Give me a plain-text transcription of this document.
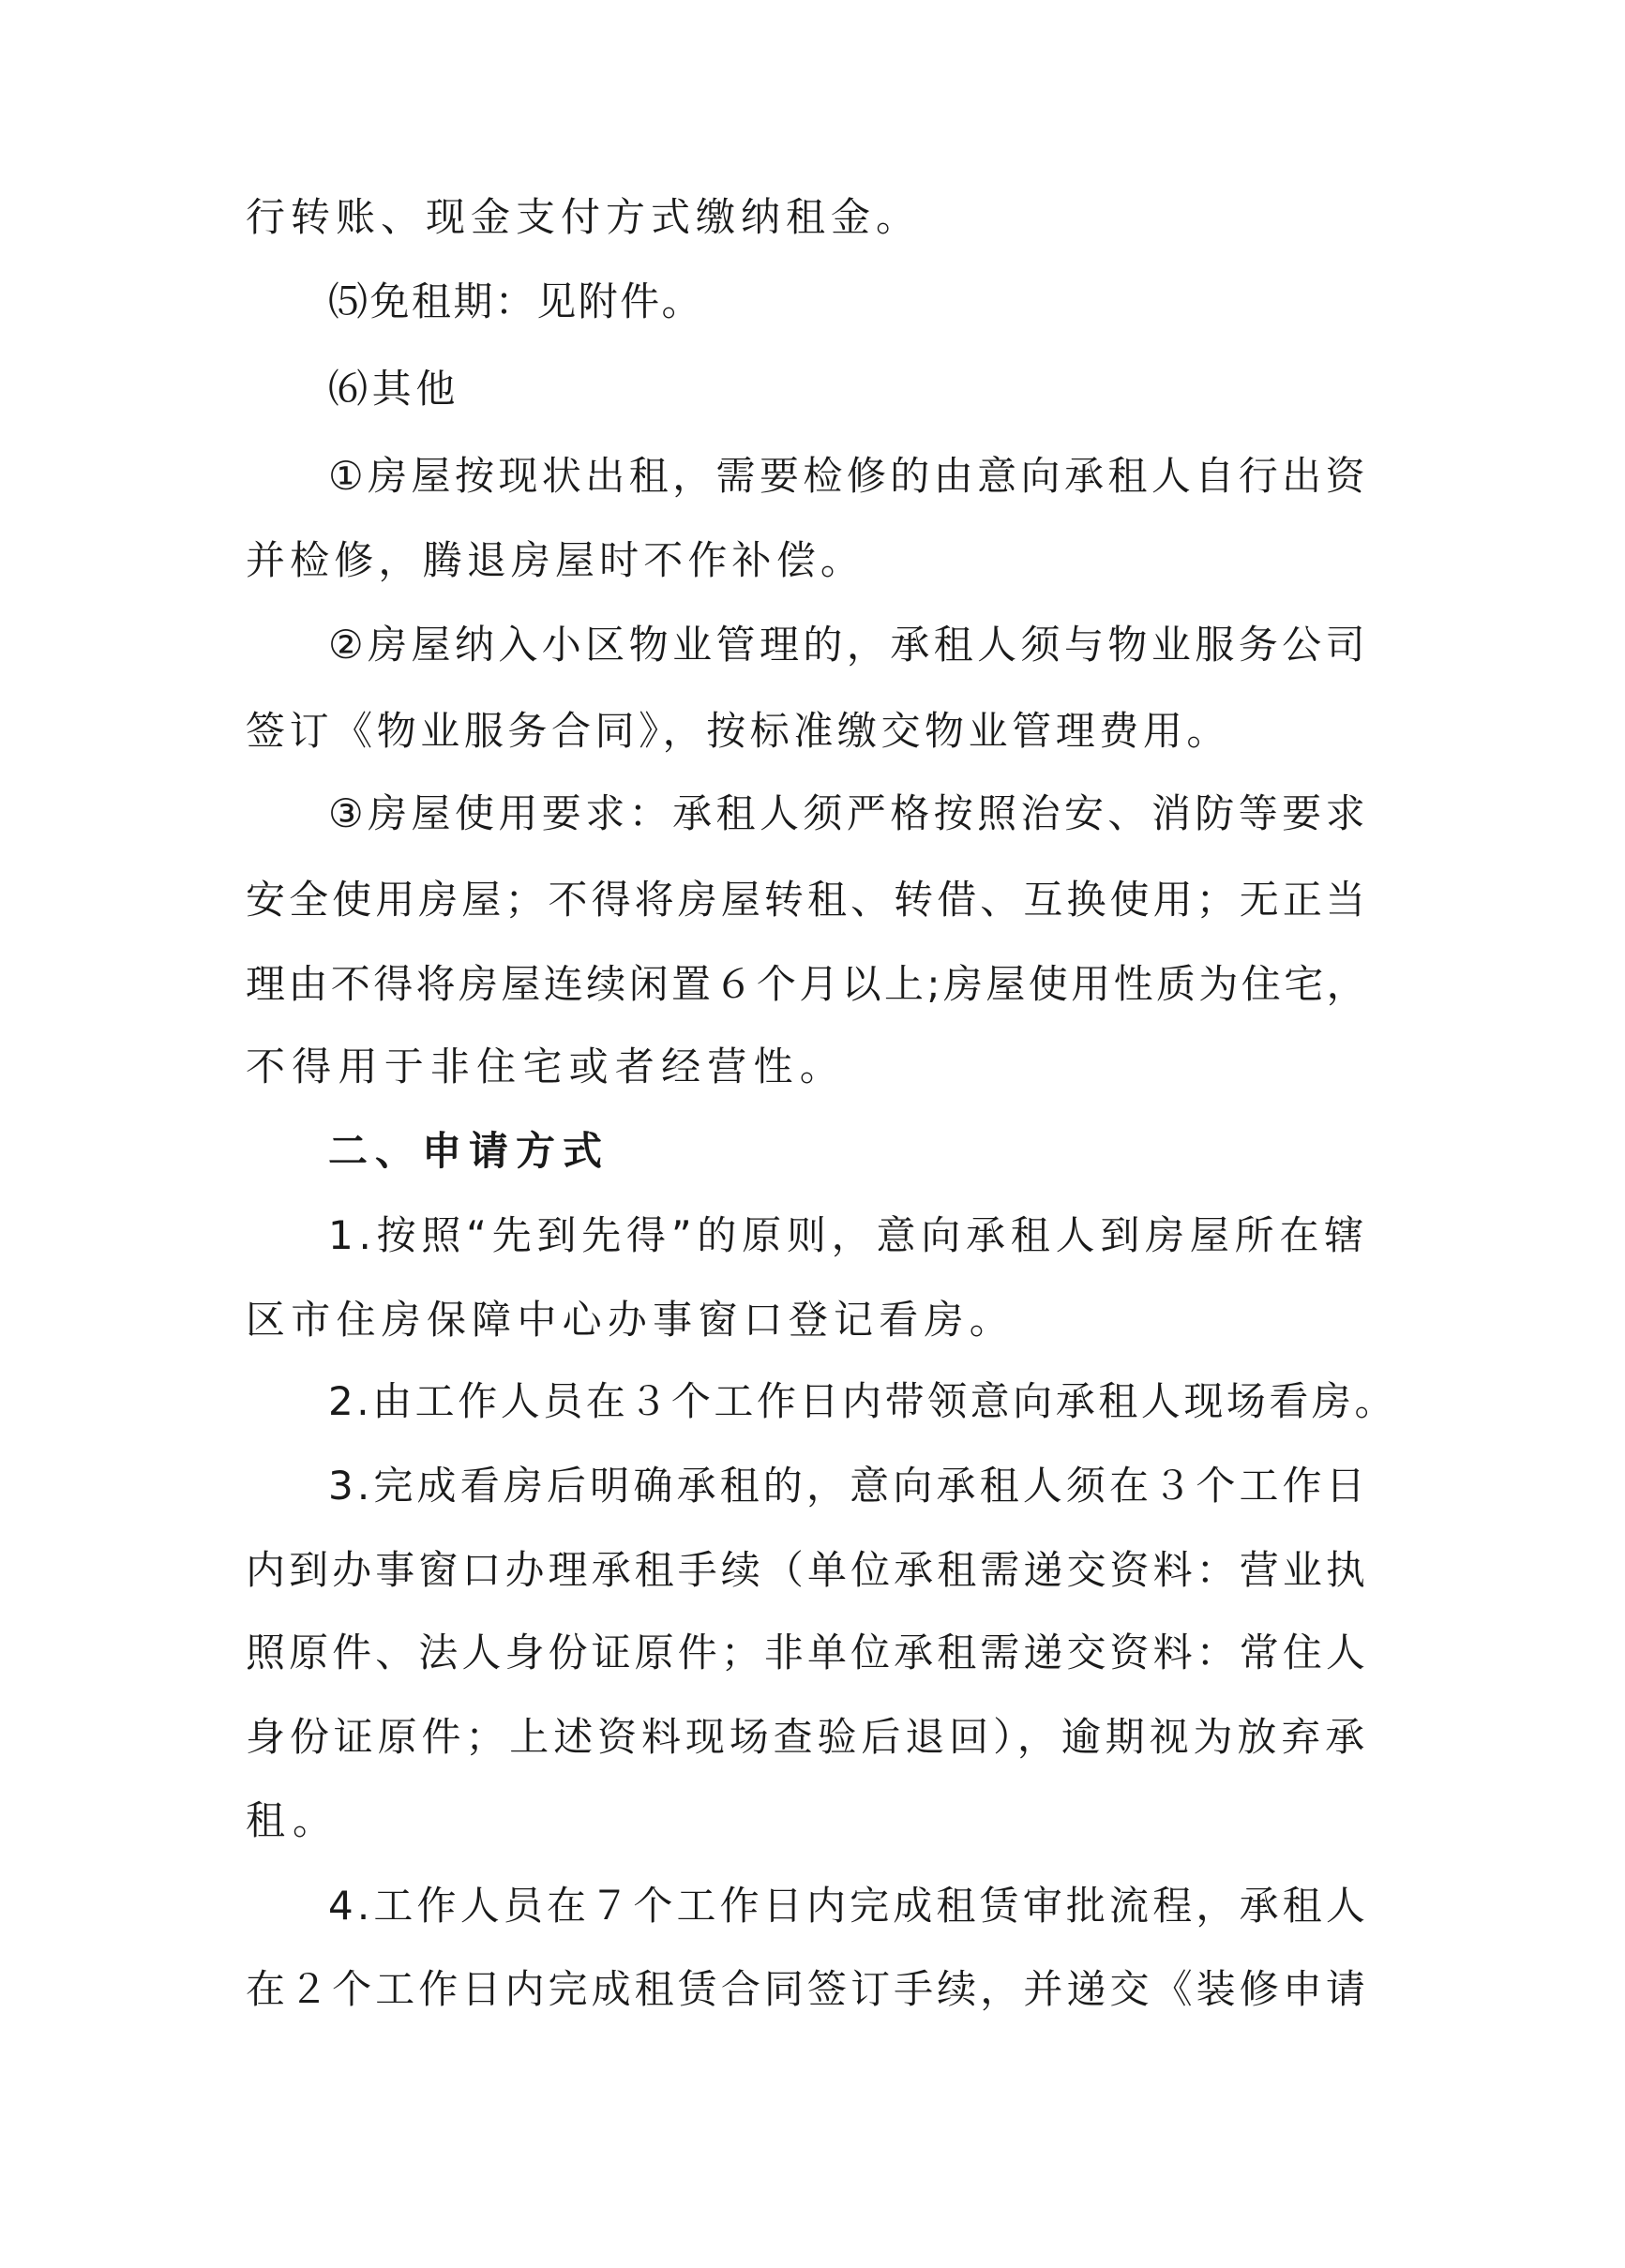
行转账、现金支付方式缴纳租金。
⑸免租期：见附件。
⑹其他
①房屋按现状出租，需要检修的由意向承租人自行出资
并检修，腾退房屋时不作补偿。
②房屋纳入小区物业管理的，承租人须与物业服务公司
签订《物业服务合同》，按标准缴交物业管理费用。
③房屋使用要求：承租人须严格按照治安、消防等要求
安全使用房屋；不得将房屋转租、转借、互换使用；无正当
理由不得将房屋连续闲置６个月以上;房屋使用性质为住宅，
不得用于非住宅或者经营性。
二、申请方式
1.按照“先到先得”的原则，意向承租人到房屋所在辖
区市住房保障中心办事窗口登记看房。
2.由工作人员在３个工作日内带领意向承租人现场看房。
3.完成看房后明确承租的，意向承租人须在３个工作日
内到办事窗口办理承租手续（单位承租需递交资料：营业执
照原件、法人身份证原件；非单位承租需递交资料：常住人
身份证原件；上述资料现场查验后退回），逾期视为放弃承
租。
4.工作人员在７个工作日内完成租赁审批流程，承租人
在２个工作日内完成租赁合同签订手续，并递交《装修申请
